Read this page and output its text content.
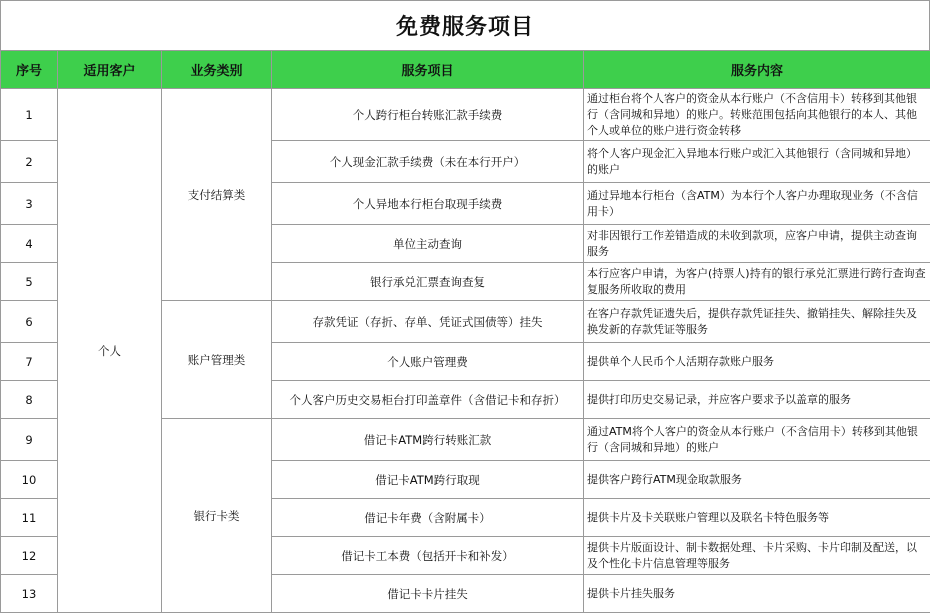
免费服务项目
序号	适用客户	业务类别	服务项目	服务内容
1	个人	支付结算类	个人跨行柜台转账汇款手续费	通过柜台将个人客户的资金从本行账户（不含信用卡）转移到其他银行（含同城和异地）的账户。转账范围包括向其他银行的本人、其他个人或单位的账户进行资金转移
2			个人现金汇款手续费（未在本行开户）	将个人客户现金汇入异地本行账户或汇入其他银行（含同城和异地）的账户
3			个人异地本行柜台取现手续费	通过异地本行柜台（含ATM）为本行个人客户办理取现业务（不含信用卡）
4			单位主动查询	对非因银行工作差错造成的未收到款项，应客户申请，提供主动查询服务
5			银行承兑汇票查询查复	本行应客户申请，为客户(持票人)持有的银行承兑汇票进行跨行查询查复服务所收取的费用
6		账户管理类	存款凭证（存折、存单、凭证式国债等）挂失	在客户存款凭证遗失后，提供存款凭证挂失、撤销挂失、解除挂失及换发新的存款凭证等服务
7			个人账户管理费	提供单个人民币个人活期存款账户服务
8			个人客户历史交易柜台打印盖章件（含借记卡和存折）	提供打印历史交易记录，并应客户要求予以盖章的服务
9		银行卡类	借记卡ATM跨行转账汇款	通过ATM将个人客户的资金从本行账户（不含信用卡）转移到其他银行（含同城和异地）的账户
10			借记卡ATM跨行取现	提供客户跨行ATM现金取款服务
11			借记卡年费（含附属卡）	提供卡片及卡关联账户管理以及联名卡特色服务等
12			借记卡工本费（包括开卡和补发）	提供卡片版面设计、制卡数据处理、卡片采购、卡片印制及配送，以及个性化卡片信息管理等服务
13			借记卡卡片挂失	提供卡片挂失服务
